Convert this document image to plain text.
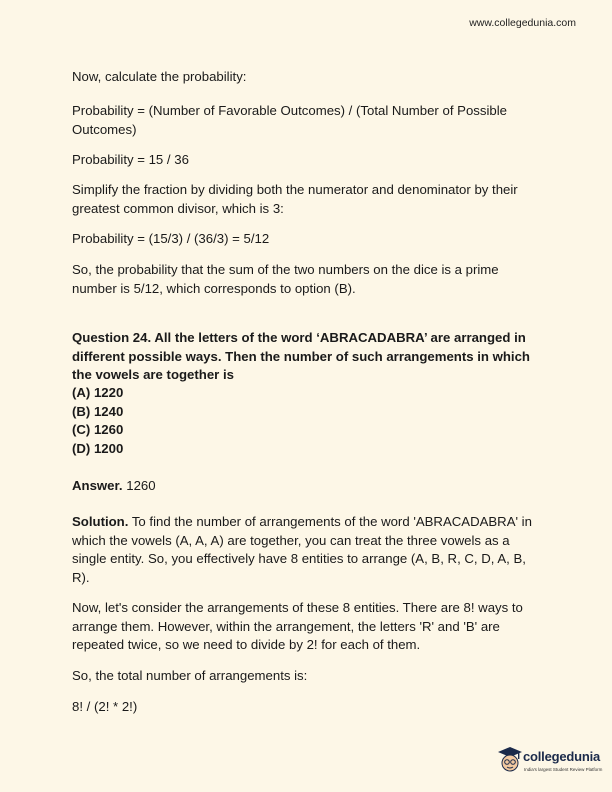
www.collegedunia.com

Now, calculate the probability:

Probability = (Number of Favorable Outcomes) / (Total Number of Possible Outcomes)

Probability = 15 / 36

Simplify the fraction by dividing both the numerator and denominator by their greatest common divisor, which is 3:

Probability = (15/3) / (36/3) = 5/12

So, the probability that the sum of the two numbers on the dice is a prime number is 5/12, which corresponds to option (B).

Question 24. All the letters of the word ‘ABRACADABRA’ are arranged in different possible ways. Then the number of such arrangements in which the vowels are together is

(A) 1220
(B) 1240
(C) 1260
(D) 1200

Answer. 1260

Solution. To find the number of arrangements of the word 'ABRACADABRA' in which the vowels (A, A, A) are together, you can treat the three vowels as a single entity. So, you effectively have 8 entities to arrange (A, B, R, C, D, A, B, R).

Now, let's consider the arrangements of these 8 entities. There are 8! ways to arrange them. However, within the arrangement, the letters 'R' and 'B' are repeated twice, so we need to divide by 2! for each of them.

So, the total number of arrangements is:

8! / (2! * 2!)

collegedunia
India's largest Student Review Platform
